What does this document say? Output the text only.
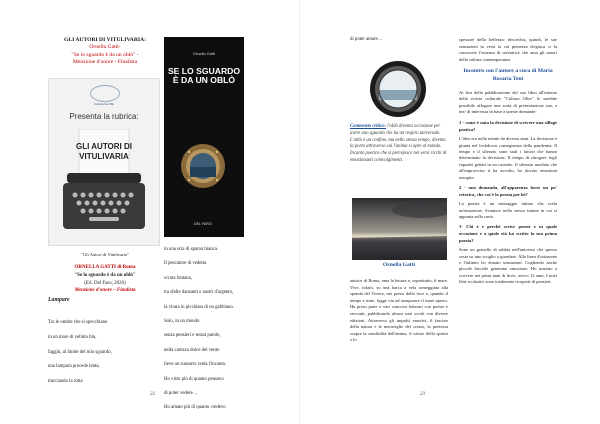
GLI AUTORI DI VITULIVARIA:

Ornella Gatti-

"Se lo sguardo è da un oblò" -

Menzione d'onore - Finalista

Cultura Del Blu
Presenta la rubrica:
GLI AUTORI DI
VITULIVARIA
Ornella Gatti
SE LO SGUARDO È DA UN OBLÒ
DEL FARO

"Gli Autori di Vitulivaria"

ORNELLA GATTI di Roma

"Se lo sguardo è da un oblò"

(Ed. Del Faro, 2020)

Menzione d'onore – Finalista

Lampare

Tra le ombre che si specchiano

in un mare di velluto blu,

faggiù, al limite del mio sguardo,

una lampara procede lenta,

tracciando la rotta

in una scia di spuma bianca.

Il pescatore di vedetta

scruta lontano,

tra sfelle danzanti e nastri d'argento,

la virata in picchiata di un gabbiano.

Solo, in un mondo

senza pensieri e senza parole,

nella carezza dolce del vento

lieve un sussurro svela l'incanto.

Ho visto più di quanto pensavo

di poter vedere…

Ho amato più di quanto credevo

22
di poter amare…
Commento critico: l'oblò diventa occasione per avere uno sguardo che ha un respiro universale. L'oblò è un confine, ma nello stesso tempo, diventa la porta attraverso cui l'anima si apre al mondo. Incanto poetico che si percepisce nei versi ricchi di emozionanti coinvolgimenti.
Ornella Gatti
autrice di Roma, ama la lettura e, soprattutto, il mare. Vive, infatti, su una barca a vela ormeggiata alla sponda del Tevere, nei pressi della foce e, quando il tempo e mite, fugge via ad assaporare il mare aperto. Ha preso parte a vari concorsi letterari con poesie e racconti, pubblicando alcuni suoi scritti con diverse edizioni. Attraverso gli impulsi emotivi, il fascino della natura e le meraviglie del creato, la poetessa scopre la sensibilità dell'anima, il valore dello spirito e lo

spessore della bellezza: descritiva, quindi, le sue sensazioni in versi la cui pienezza elegiaca ci fa conoscere l'essenza di un'autrice che ama gli amori della cultura contemporanea.

Incontro con l'autore a cura di Maria Rosaria Teni

Ai fini della pubblicazione del suo libro all'interno della rivista culturale "Cultura Oltre" le sarebbe possibile affogare una sorta di presentazione sua, a me/ di intervista in base a queste domande:

1 - come è nata la decisione di scrivere una silloge poetica?

L'idea era nella mente da diverso anni. La decisione è giunta nel lockdown conseguenza della pandemia. Il tempo e il silenzio sono stati i fattori che hanno determinato la decisione. Il tempo di ritrogere fogli riquadri gettati in un cassetto. Il silenzio assoluto che all'improvviso ti ha avvolto, ho dovuto emozioni assopite.

2 - una domanda, all'apparenza forse un po' retorica, che cos'è la poesia per lei?

La poesia è un messaggio intimo che svela un'emozione. Svanisce nello stesso istante in cui si appunta sulla carta.

3- Chi è e perché scrive poesie e in quale occasione e a quale età ha scritto la sua prima poesia?

Sono un granello di sabbia nell'universo che spesso sosta su uno scoglio a guardare. Alla linea d'orizzonte e l'infinito ho donato sensazioni. Cogliendo anche piccole briciole generano emozione. Ho iniziato a scrivere nei primi anni di liceo, avevo 12 anni. I miei libri scolastici sono totalmente ricoperti di pensieri.

23
